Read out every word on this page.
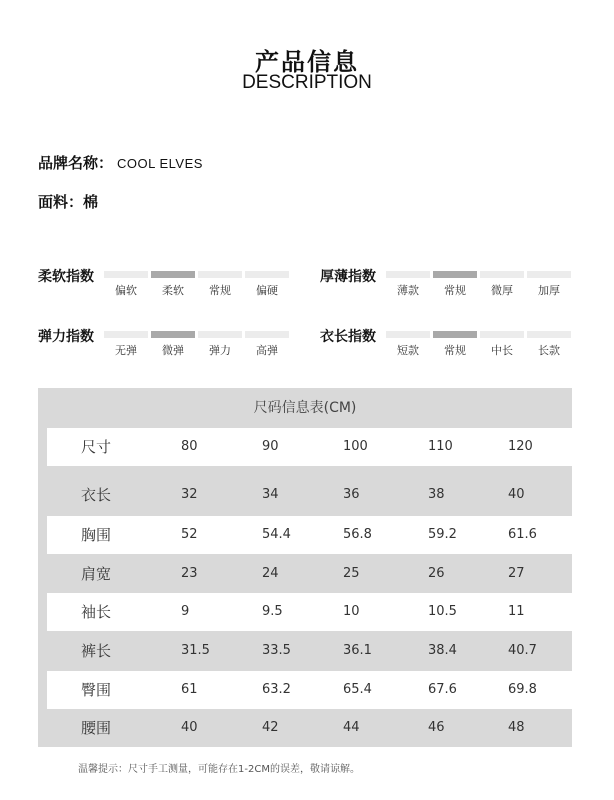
产品信息
DESCRIPTION
品牌名称： COOL ELVES
面料：棉
柔软指数
偏软	柔软	常规	偏硬
厚薄指数
薄款	常规	微厚	加厚
弹力指数
无弹	微弹	弹力	高弹
衣长指数
短款	常规	中长	长款
尺码信息表(CM)
尺寸	80	90	100	110	120
衣长	32	34	36	38	40
胸围	52	54.4	56.8	59.2	61.6
肩宽	23	24	25	26	27
袖长	9	9.5	10	10.5	11
裤长	31.5	33.5	36.1	38.4	40.7
臀围	61	63.2	65.4	67.6	69.8
腰围	40	42	44	46	48
温馨提示：尺寸手工测量，可能存在1-2CM的误差，敬请谅解。
